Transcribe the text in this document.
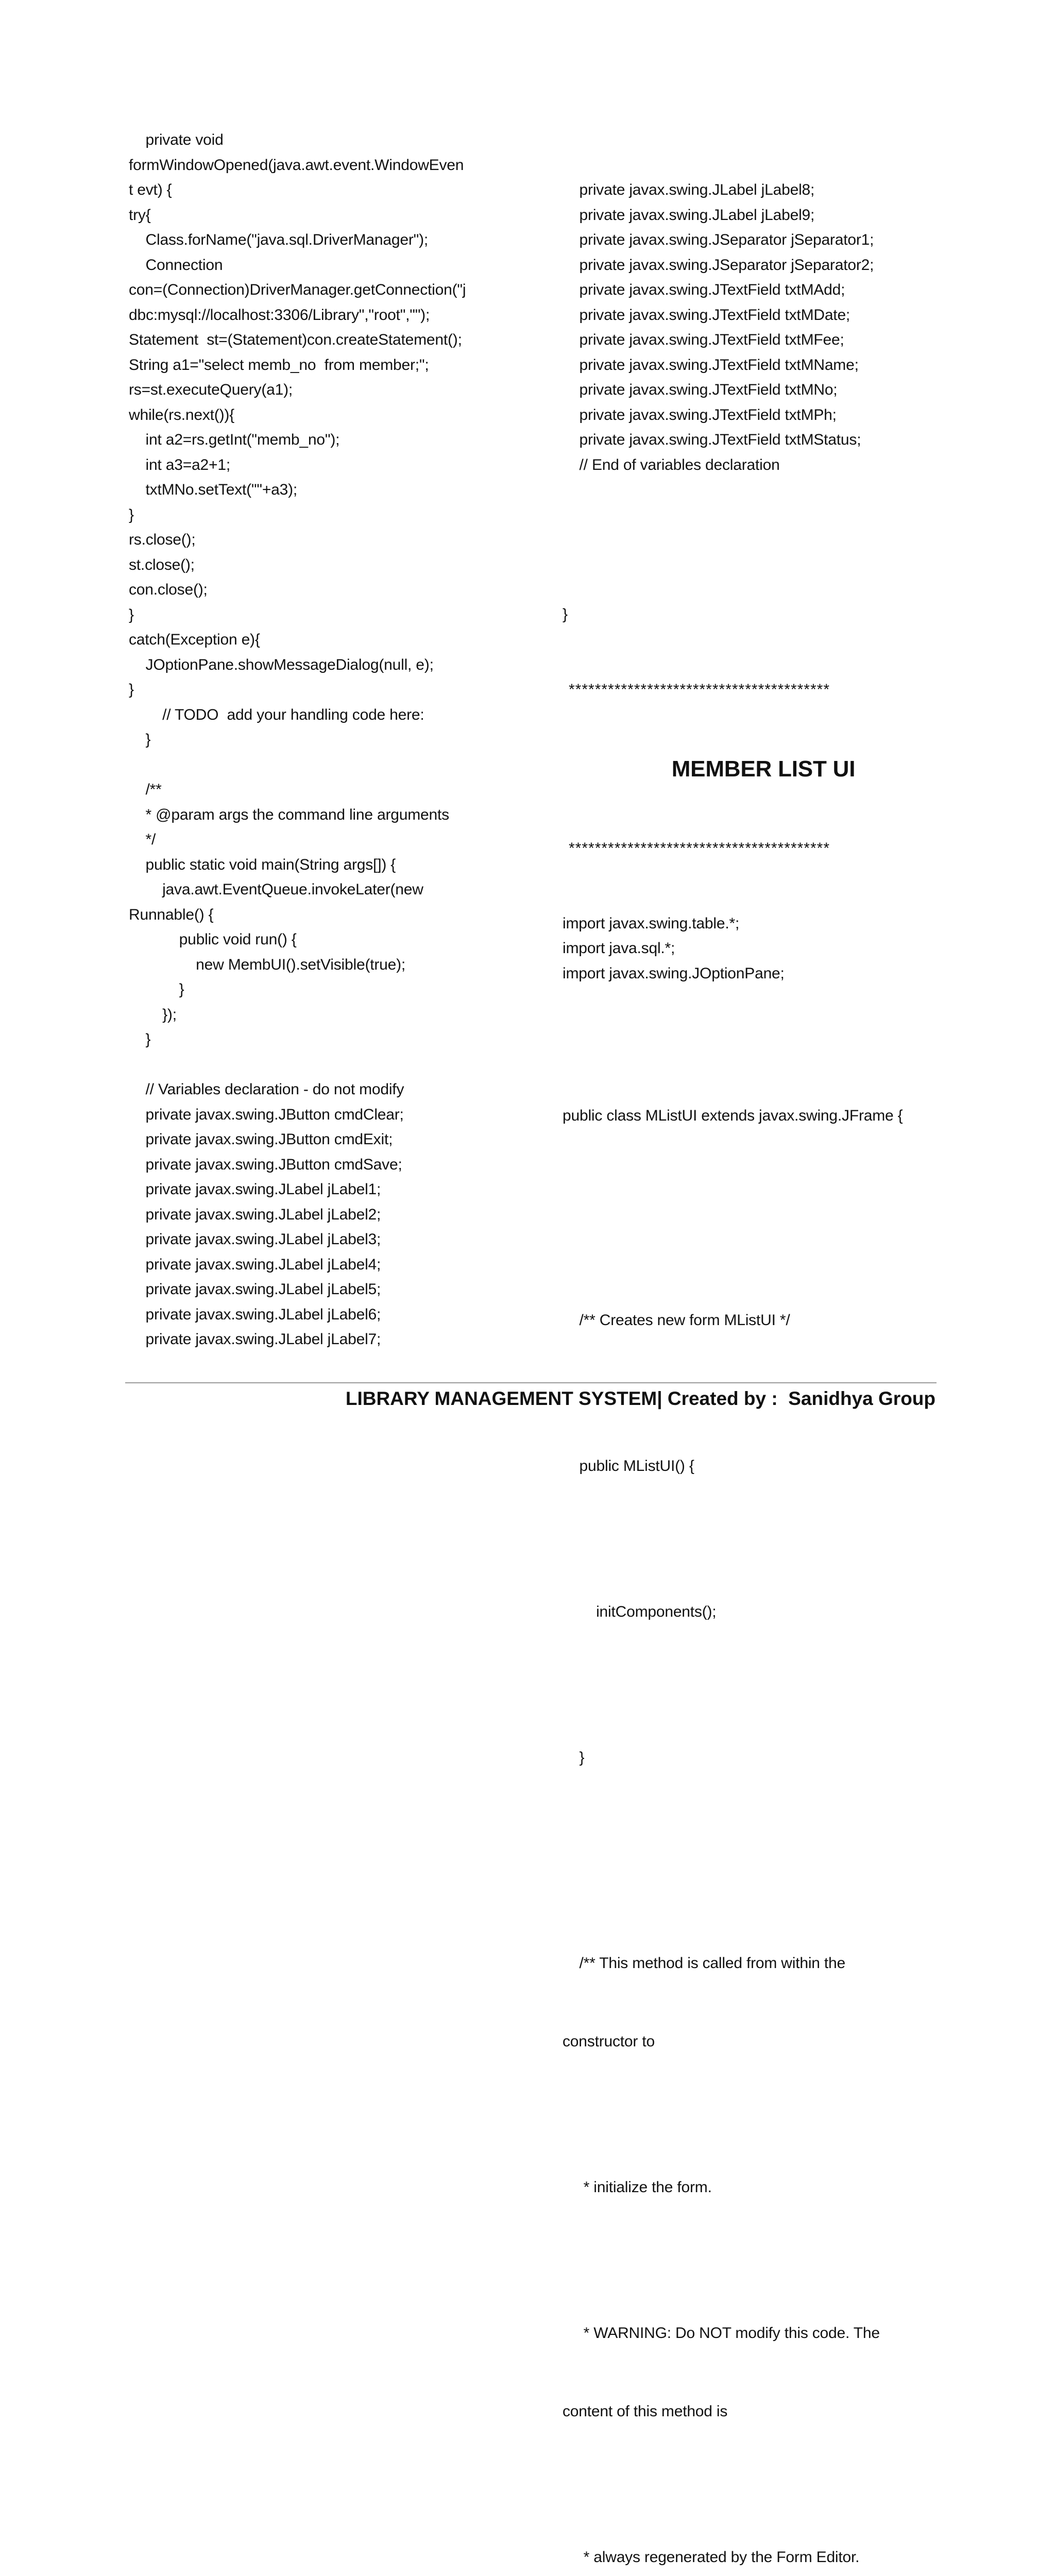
private void
formWindowOpened(java.awt.event.WindowEven
t evt) {
try{
Class.forName("java.sql.DriverManager");
Connection
con=(Connection)DriverManager.getConnection("j
dbc:mysql://localhost:3306/Library","root","");
Statement  st=(Statement)con.createStatement();
String a1="select memb_no  from member;";
rs=st.executeQuery(a1);
while(rs.next()){
int a2=rs.getInt("memb_no");
int a3=a2+1;
txtMNo.setText(""+a3);
}
rs.close();
st.close();
con.close();
}
catch(Exception e){
JOptionPane.showMessageDialog(null, e);
}
// TODO  add your handling code here:
}
/**
* @param args the command line arguments
*/
public static void main(String args[]) {
java.awt.EventQueue.invokeLater(new
Runnable() {
public void run() {
new MembUI().setVisible(true);
}
});
}
// Variables declaration - do not modify
private javax.swing.JButton cmdClear;
private javax.swing.JButton cmdExit;
private javax.swing.JButton cmdSave;
private javax.swing.JLabel jLabel1;
private javax.swing.JLabel jLabel2;
private javax.swing.JLabel jLabel3;
private javax.swing.JLabel jLabel4;
private javax.swing.JLabel jLabel5;
private javax.swing.JLabel jLabel6;
private javax.swing.JLabel jLabel7;

private javax.swing.JLabel jLabel8;
private javax.swing.JLabel jLabel9;
private javax.swing.JSeparator jSeparator1;
private javax.swing.JSeparator jSeparator2;
private javax.swing.JTextField txtMAdd;
private javax.swing.JTextField txtMDate;
private javax.swing.JTextField txtMFee;
private javax.swing.JTextField txtMName;
private javax.swing.JTextField txtMNo;
private javax.swing.JTextField txtMPh;
private javax.swing.JTextField txtMStatus;
// End of variables declaration

}

****************************************

MEMBER LIST UI

****************************************

import javax.swing.table.*;
import java.sql.*;
import javax.swing.JOptionPane;

public class MListUI extends javax.swing.JFrame {

/** Creates new form MListUI */

public MListUI() {

initComponents();

}

/** This method is called from within the

constructor to

* initialize the form.

* WARNING: Do NOT modify this code. The

content of this method is

* always regenerated by the Form Editor.

LIBRARY MANAGEMENT SYSTEM| Created by :  Sanidhya Group
